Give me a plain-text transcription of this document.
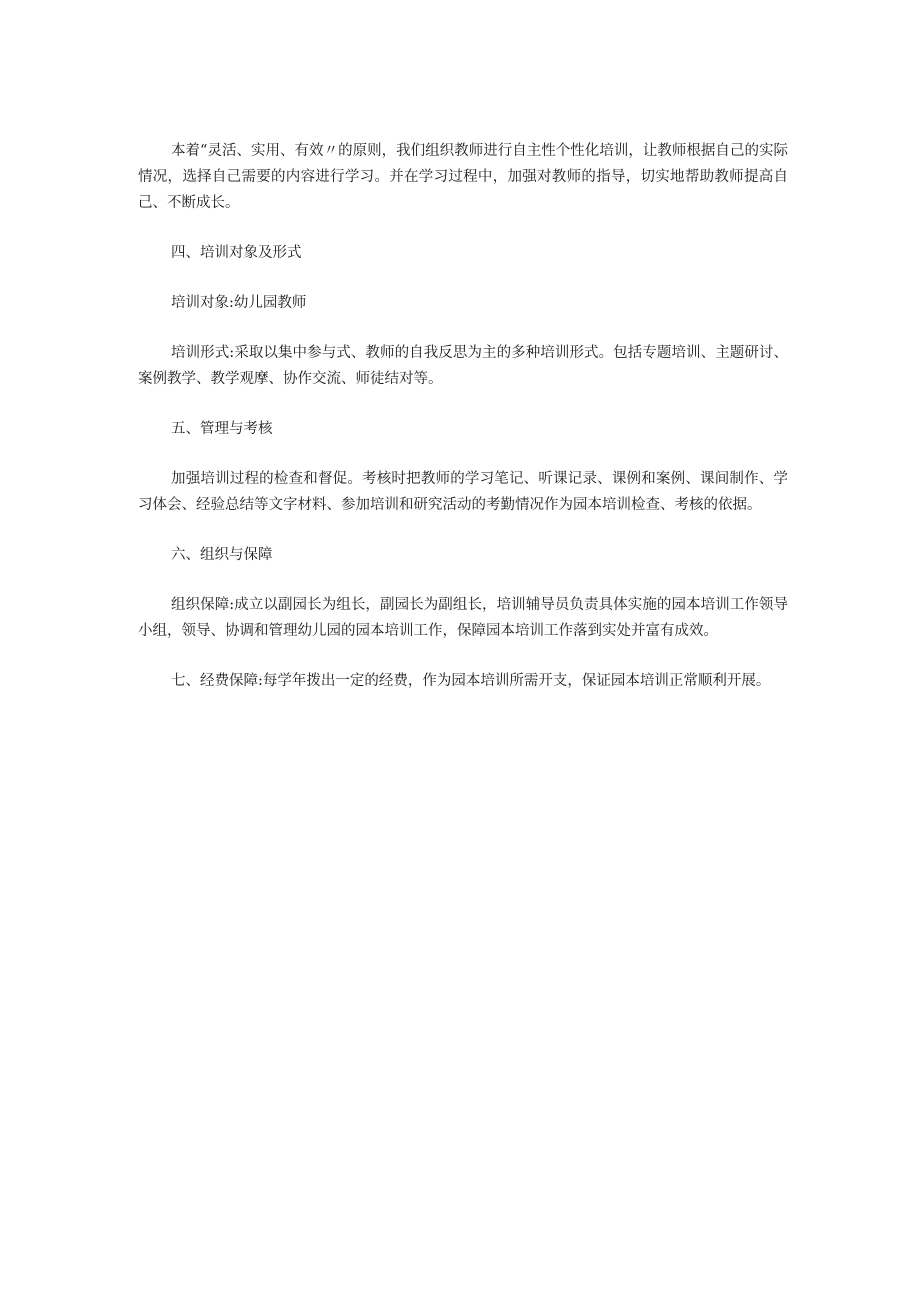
本着“灵活、实用、有效〃的原则，我们组织教师进行自主性个性化培训，让教师根据自己的实际情况，选择自己需要的内容进行学习。并在学习过程中，加强对教师的指导，切实地帮助教师提高自己、不断成长。

四、培训对象及形式

培训对象:幼儿园教师

培训形式:采取以集中参与式、教师的自我反思为主的多种培训形式。包括专题培训、主题研讨、案例教学、教学观摩、协作交流、师徒结对等。

五、管理与考核

加强培训过程的检查和督促。考核时把教师的学习笔记、听课记录、课例和案例、课间制作、学习体会、经验总结等文字材料、参加培训和研究活动的考勤情况作为园本培训检查、考核的依据。

六、组织与保障

组织保障:成立以副园长为组长，副园长为副组长，培训辅导员负责具体实施的园本培训工作领导小组，领导、协调和管理幼儿园的园本培训工作，保障园本培训工作落到实处并富有成效。

七、经费保障:每学年拨出一定的经费，作为园本培训所需开支，保证园本培训正常顺利开展。
